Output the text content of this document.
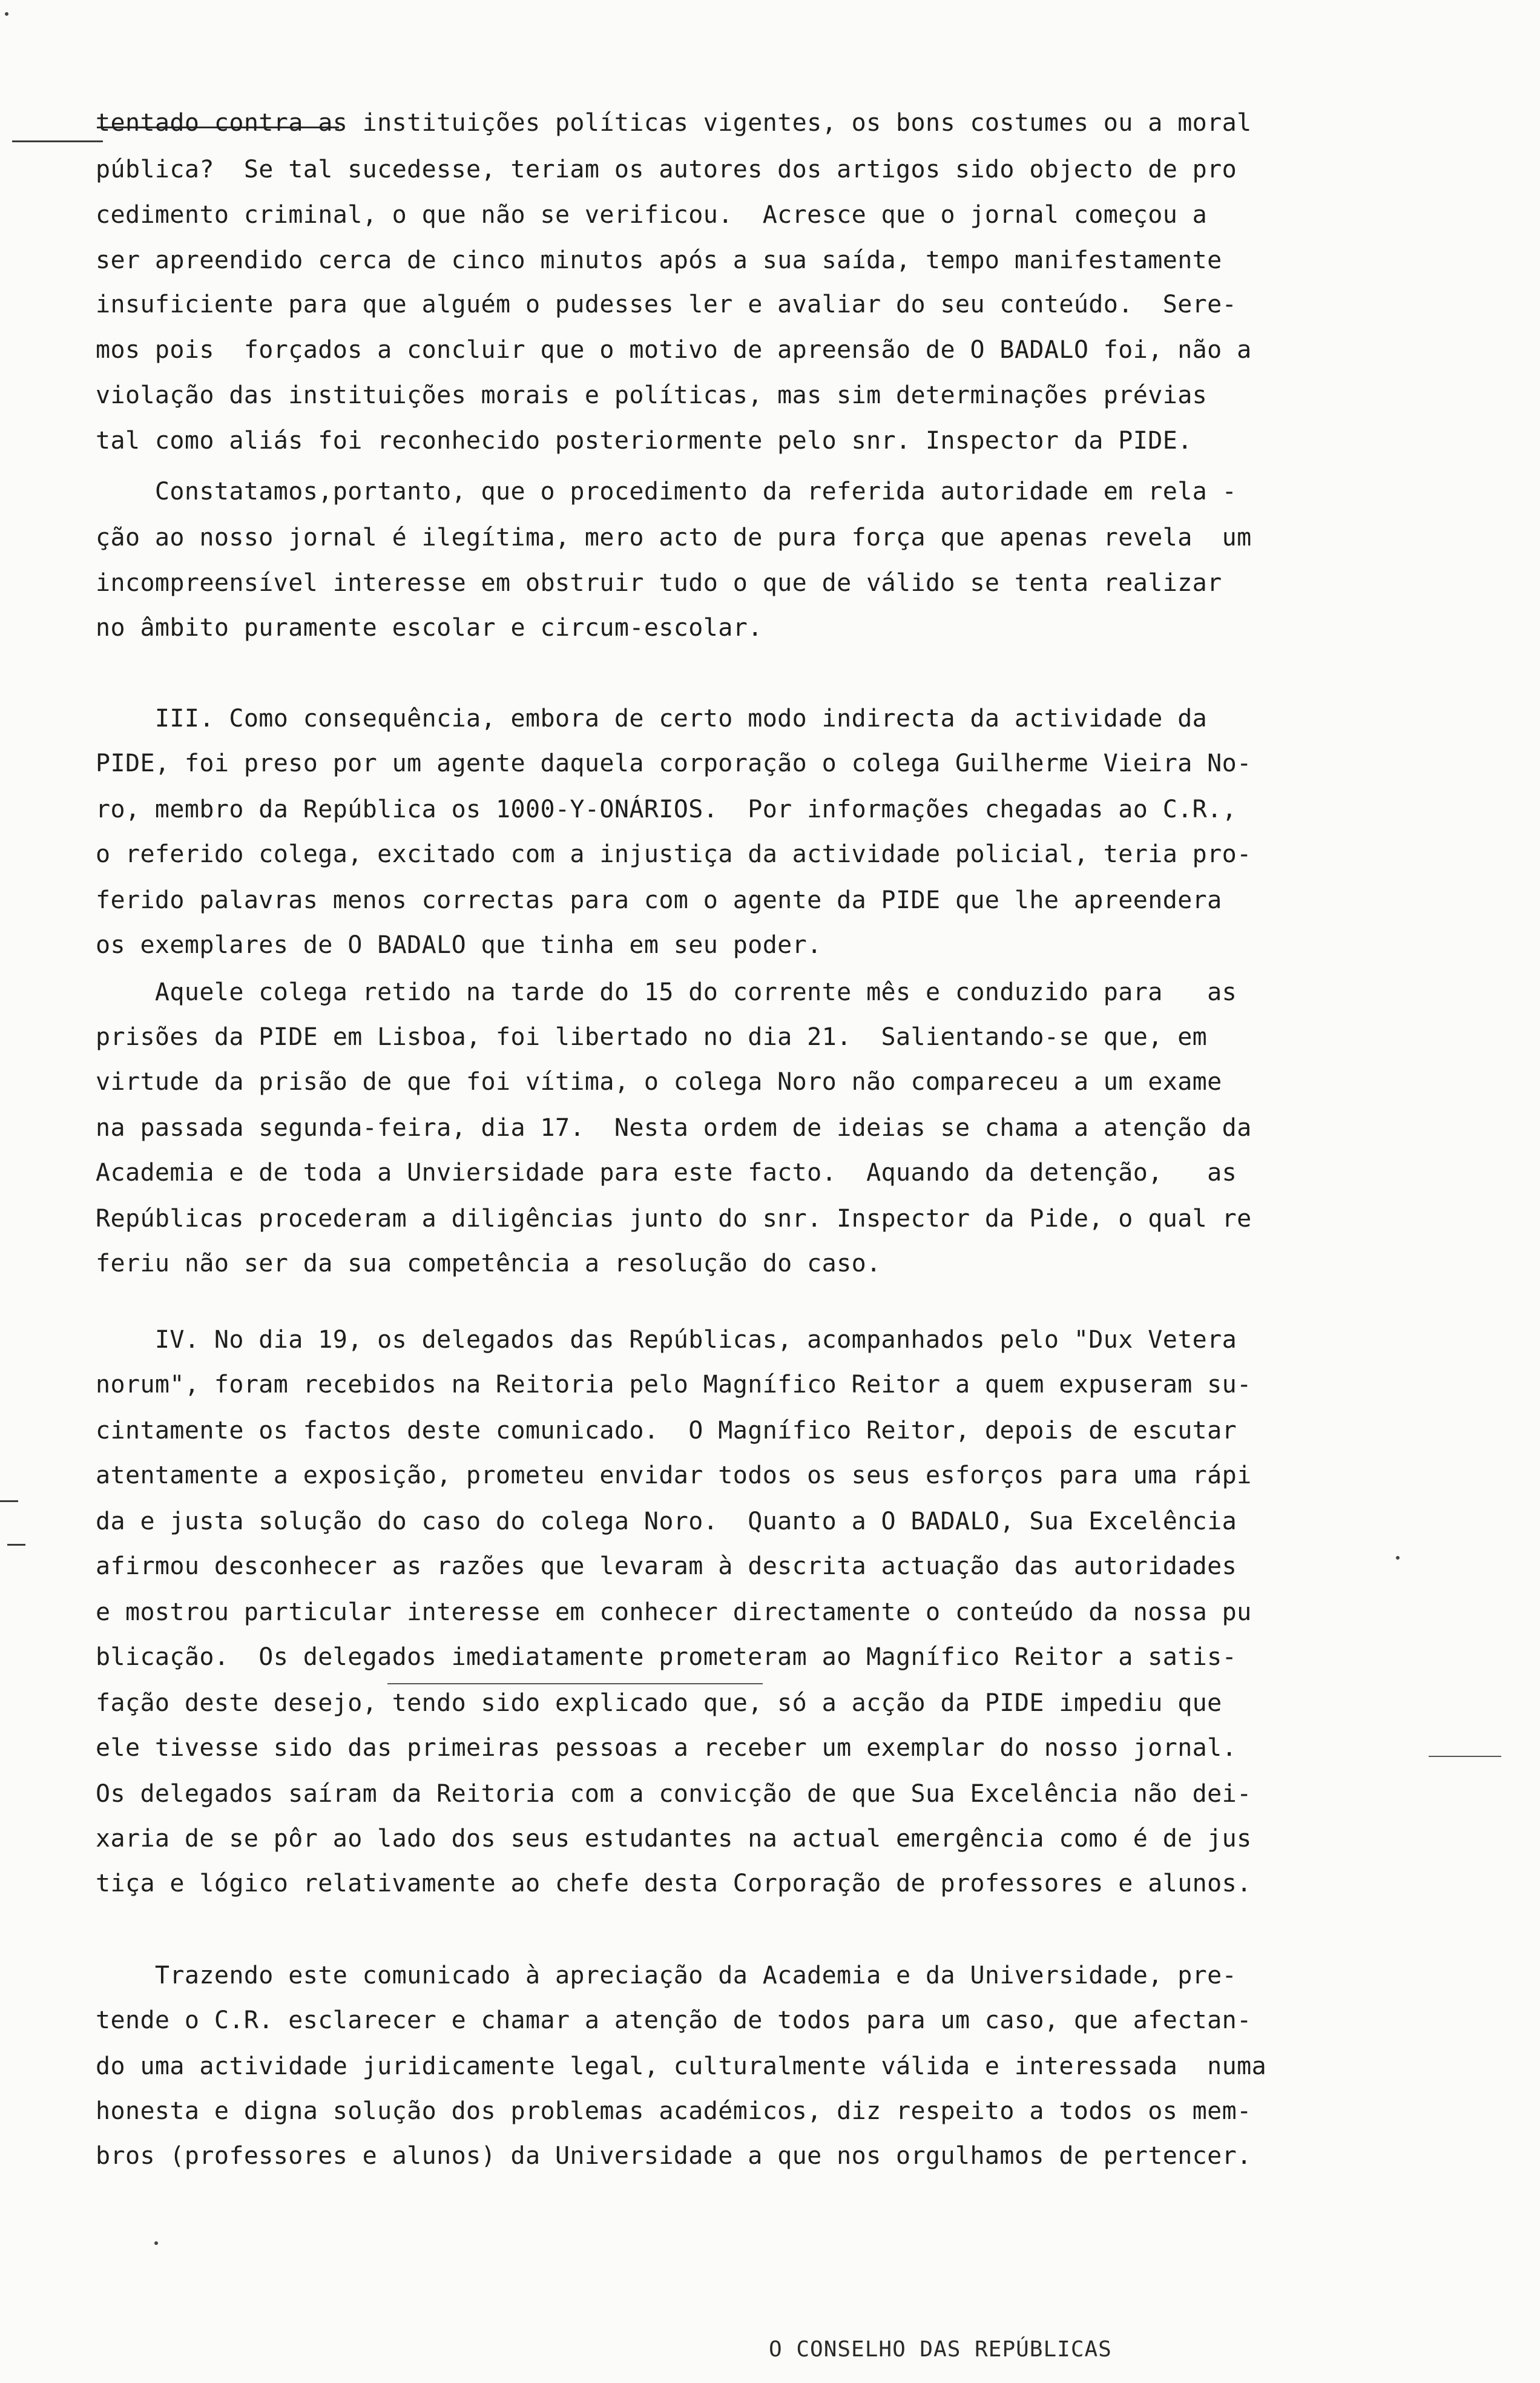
tentado contra as instituições políticas vigentes, os bons costumes ou a moral
pública?  Se tal sucedesse, teriam os autores dos artigos sido objecto de pro
cedimento criminal, o que não se verificou.  Acresce que o jornal começou a
ser apreendido cerca de cinco minutos após a sua saída, tempo manifestamente
insuficiente para que alguém o pudesses ler e avaliar do seu conteúdo.  Sere-
mos pois  forçados a concluir que o motivo de apreensão de O BADALO foi, não a
violação das instituições morais e políticas, mas sim determinações prévias
tal como aliás foi reconhecido posteriormente pelo snr. Inspector da PIDE.
Constatamos,portanto, que o procedimento da referida autoridade em rela -
ção ao nosso jornal é ilegítima, mero acto de pura força que apenas revela  um
incompreensível interesse em obstruir tudo o que de válido se tenta realizar
no âmbito puramente escolar e circum-escolar.
III. Como consequência, embora de certo modo indirecta da actividade da
PIDE, foi preso por um agente daquela corporação o colega Guilherme Vieira No-
ro, membro da República os 1000-Y-ONÁRIOS.  Por informações chegadas ao C.R.,
o referido colega, excitado com a injustiça da actividade policial, teria pro-
ferido palavras menos correctas para com o agente da PIDE que lhe apreendera
os exemplares de O BADALO que tinha em seu poder.
Aquele colega retido na tarde do 15 do corrente mês e conduzido para   as
prisões da PIDE em Lisboa, foi libertado no dia 21.  Salientando-se que, em
virtude da prisão de que foi vítima, o colega Noro não compareceu a um exame
na passada segunda-feira, dia 17.  Nesta ordem de ideias se chama a atenção da
Academia e de toda a Unviersidade para este facto.  Aquando da detenção,   as
Repúblicas procederam a diligências junto do snr. Inspector da Pide, o qual re
feriu não ser da sua competência a resolução do caso.
IV. No dia 19, os delegados das Repúblicas, acompanhados pelo "Dux Vetera
norum", foram recebidos na Reitoria pelo Magnífico Reitor a quem expuseram su-
cintamente os factos deste comunicado.  O Magnífico Reitor, depois de escutar
atentamente a exposição, prometeu envidar todos os seus esforços para uma rápi
da e justa solução do caso do colega Noro.  Quanto a O BADALO, Sua Excelência
afirmou desconhecer as razões que levaram à descrita actuação das autoridades
e mostrou particular interesse em conhecer directamente o conteúdo da nossa pu
blicação.  Os delegados imediatamente prometeram ao Magnífico Reitor a satis-
fação deste desejo, tendo sido explicado que, só a acção da PIDE impediu que
ele tivesse sido das primeiras pessoas a receber um exemplar do nosso jornal.
Os delegados saíram da Reitoria com a convicção de que Sua Excelência não dei-
xaria de se pôr ao lado dos seus estudantes na actual emergência como é de jus
tiça e lógico relativamente ao chefe desta Corporação de professores e alunos.
Trazendo este comunicado à apreciação da Academia e da Universidade, pre-
tende o C.R. esclarecer e chamar a atenção de todos para um caso, que afectan-
do uma actividade juridicamente legal, culturalmente válida e interessada  numa
honesta e digna solução dos problemas académicos, diz respeito a todos os mem-
bros (professores e alunos) da Universidade a que nos orgulhamos de pertencer.
O CONSELHO DAS REPÚBLICAS
